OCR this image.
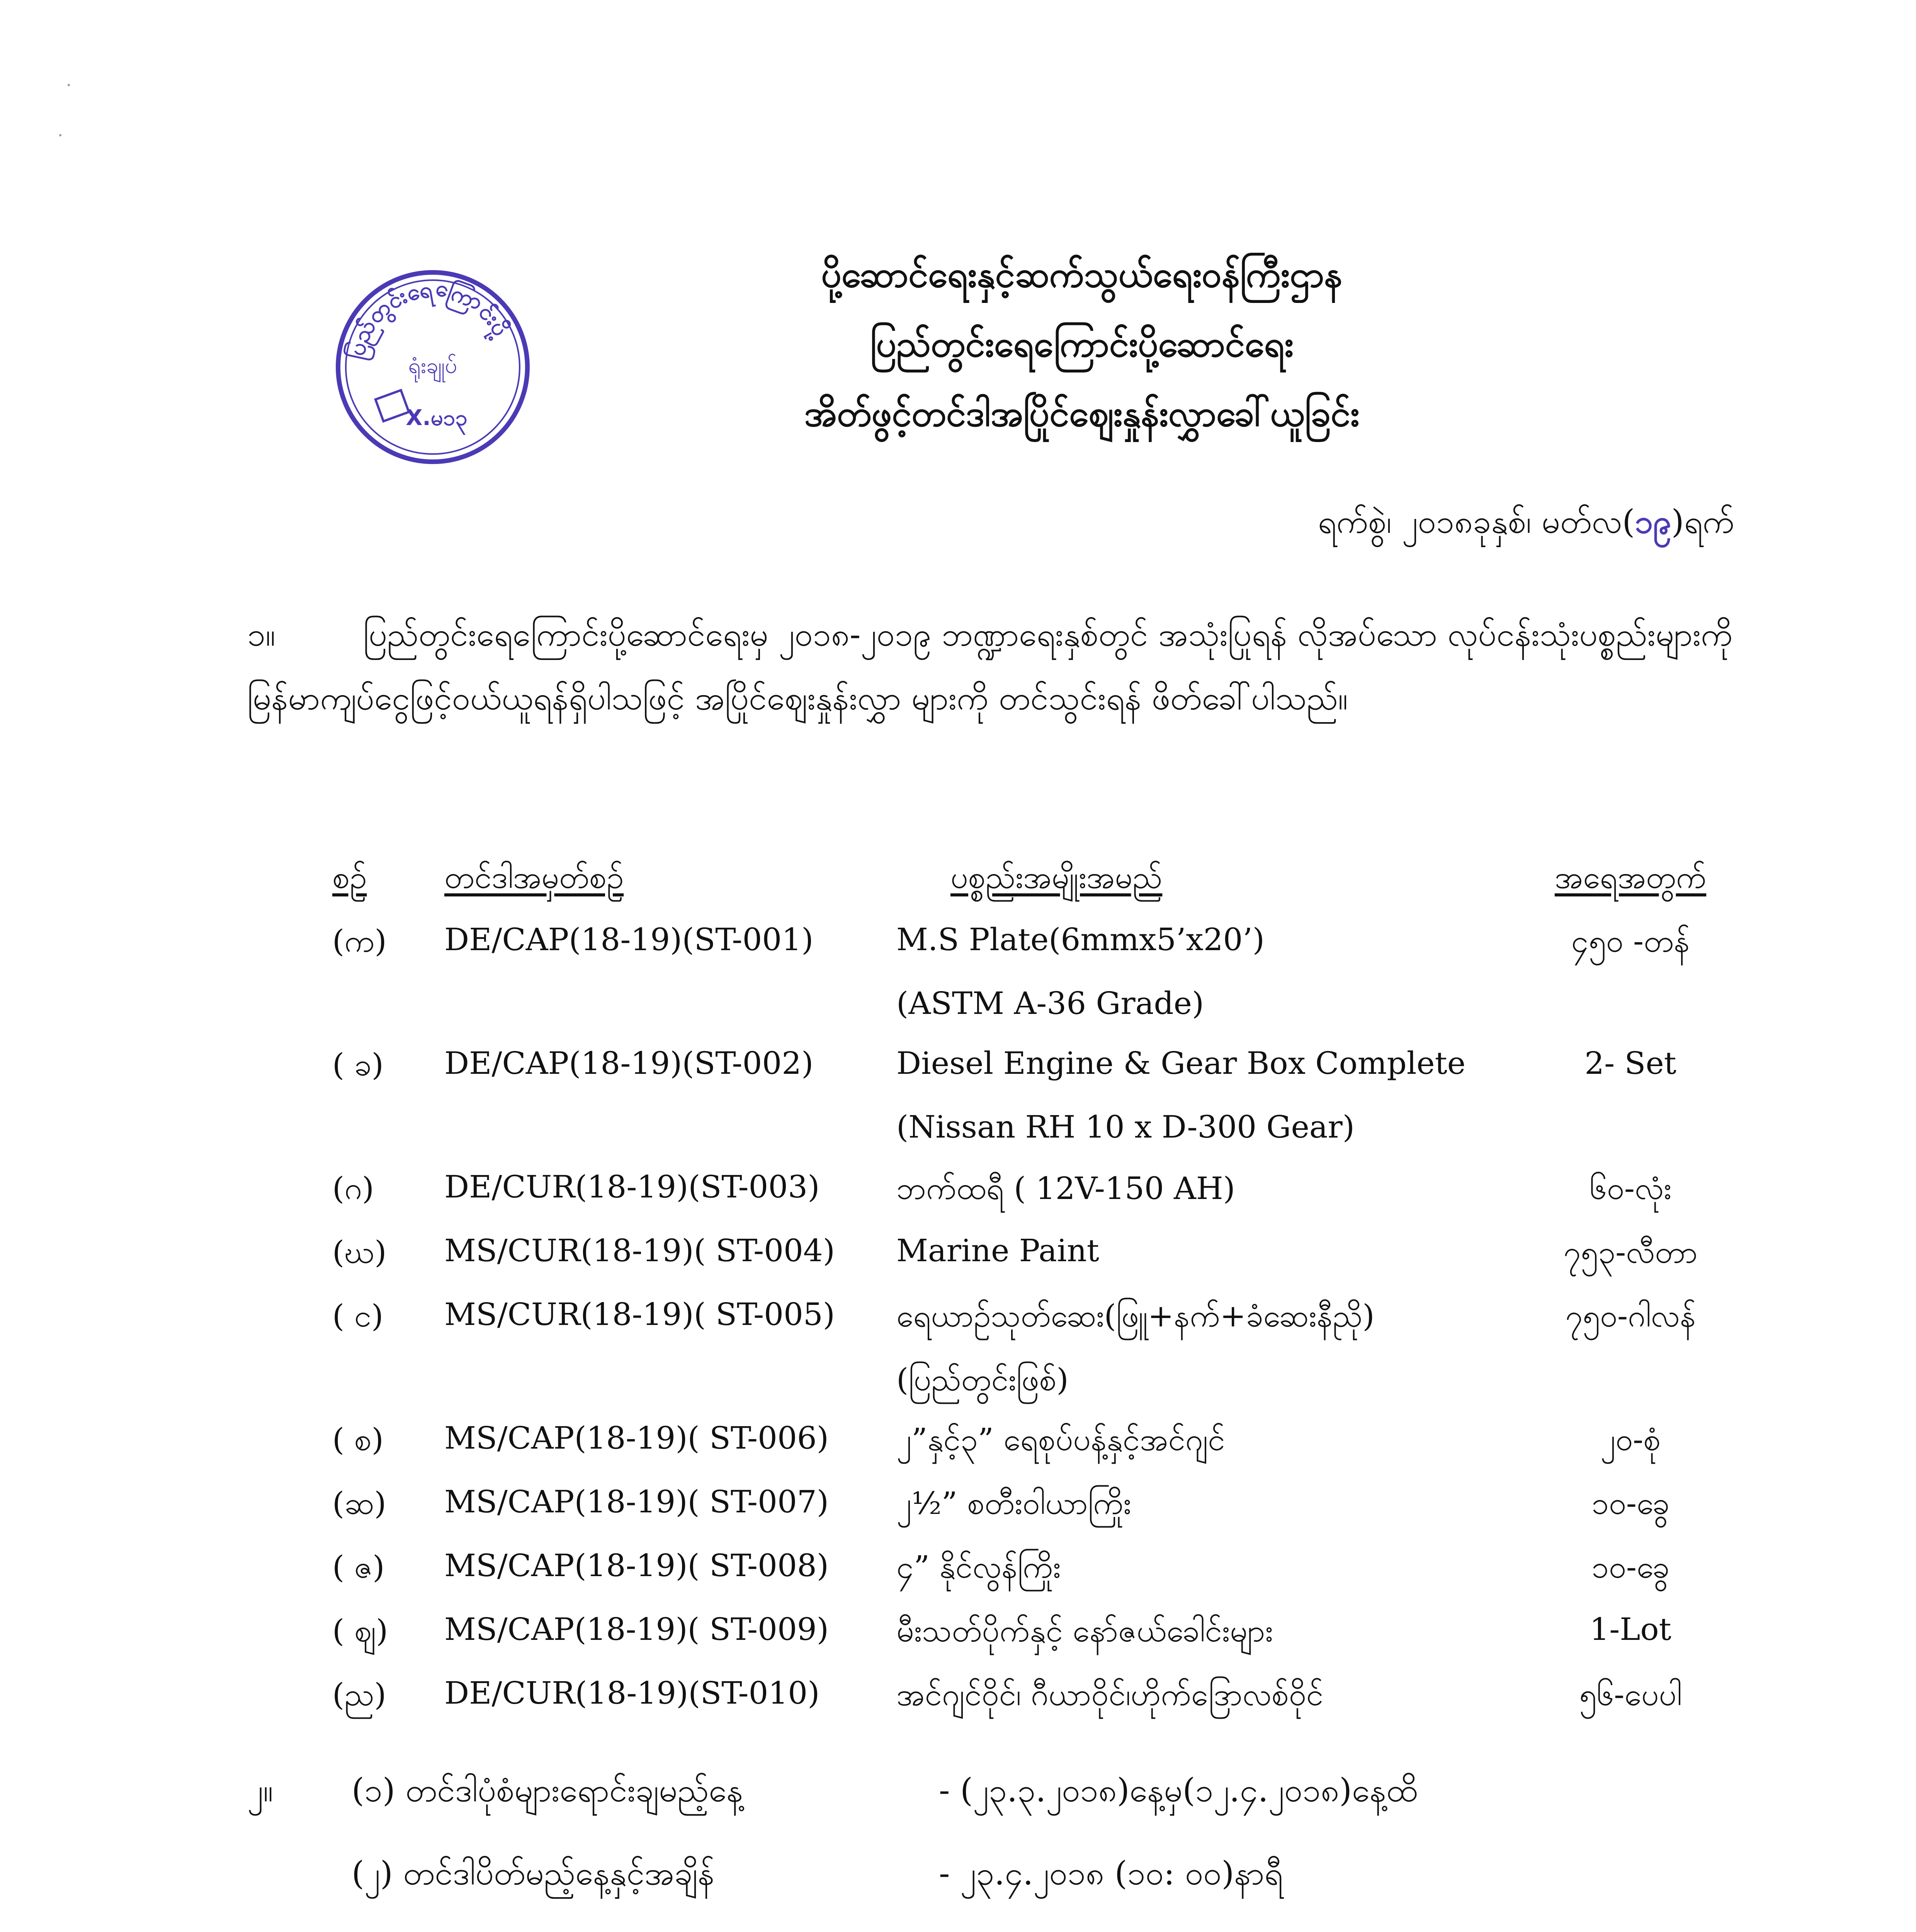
ပြည်တွင်းရေကြောင်းပို့
ရုံးချုပ်
X.မ၁၃
ပို့ဆောင်ရေးနှင့်ဆက်သွယ်ရေးဝန်ကြီးဌာန
ပြည်တွင်းရေကြောင်းပို့ဆောင်ရေး
အိတ်ဖွင့်တင်ဒါအပြိုင်ဈေးနှုန်းလွှာခေါ်ယူခြင်း
ရက်စွဲ၊ ၂၀၁၈ခုနှစ်၊ မတ်လ(၁၉)ရက်
၁။	ပြည်တွင်းရေကြောင်းပို့ဆောင်ရေးမှ ၂၀၁၈-၂၀၁၉ ဘဏ္ဍာရေးနှစ်တွင် အသုံးပြုရန် လိုအပ်သော လုပ်ငန်းသုံးပစ္စည်းများကို မြန်မာကျပ်ငွေဖြင့်ဝယ်ယူရန်ရှိပါသဖြင့် အပြိုင်ဈေးနှုန်းလွှာ များကို တင်သွင်းရန် ဖိတ်ခေါ်ပါသည်။
စဉ်	တင်ဒါအမှတ်စဉ်	ပစ္စည်းအမျိုးအမည်	အရေအတွက်
(က)	DE/CAP(18-19)(ST-001)	M.S Plate(6mmx5’x20’)	၄၅၀ -တန်
(ASTM A-36 Grade)
( ခ)	DE/CAP(18-19)(ST-002)	Diesel Engine & Gear Box Complete	2- Set
(Nissan RH 10 x D-300 Gear)
(ဂ)	DE/CUR(18-19)(ST-003) ဘက်ထရီ ( 12V-150 AH)	၆၀-လုံး
(ဃ)	MS/CUR(18-19)( ST-004) Marine Paint	၇၅၃-လီတာ
( င)	MS/CUR(18-19)( ST-005) ရေယာဉ်သုတ်ဆေး(ဖြူ+နက်+ခံဆေးနီညို)	၇၅၀-ဂါလန်
(ပြည်တွင်းဖြစ်)
( စ)	MS/CAP(18-19)( ST-006) ၂”နှင့်၃” ရေစုပ်ပန့်နှင့်အင်ဂျင်	၂၀-စုံ
(ဆ)	MS/CAP(18-19)( ST-007) ၂½” စတီးဝါယာကြိုး	၁၀-ခွေ
( ဇ)	MS/CAP(18-19)( ST-008) ၄” နိုင်လွန်ကြိုး	၁၀-ခွေ
( ဈ)	MS/CAP(18-19)( ST-009) မီးသတ်ပိုက်နှင့် နော်ဇယ်ခေါင်းများ	1-Lot
(ည)	DE/CUR(18-19)(ST-010) အင်ဂျင်ဝိုင်၊ ဂီယာဝိုင်၊ဟိုက်ဒြောလစ်ဝိုင်	၅၆-ပေပါ
၂။ (၁) တင်ဒါပုံစံများရောင်းချမည့်နေ့	- (၂၃.၃.၂၀၁၈)နေ့မှ(၁၂.၄.၂၀၁၈)နေ့ထိ
(၂) တင်ဒါပိတ်မည့်နေ့နှင့်အချိန်	- ၂၃.၄.၂၀၁၈ (၁၀: ၀၀)နာရီ
